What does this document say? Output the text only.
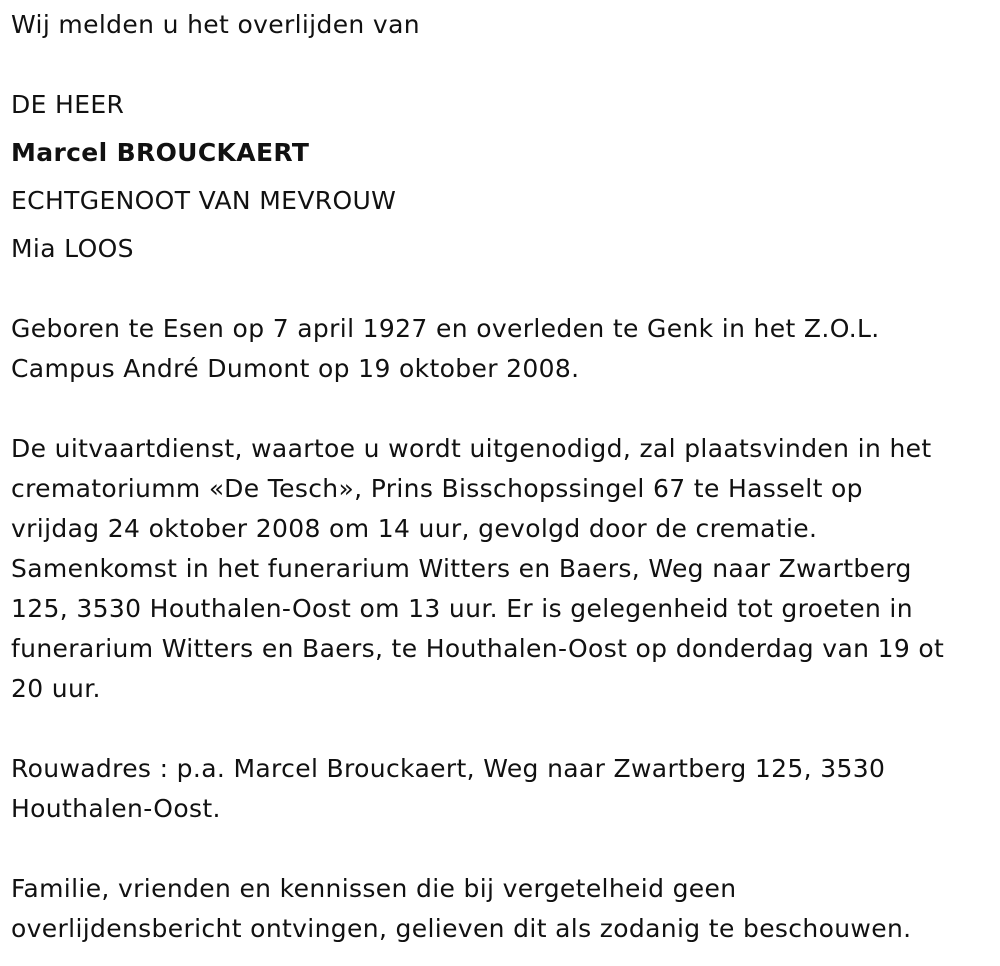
Wij melden u het overlijden van
DE HEER
Marcel BROUCKAERT
ECHTGENOOT VAN MEVROUW
Mia LOOS
Geboren te Esen op 7 april 1927 en overleden te Genk in het Z.O.L.
Campus André Dumont op 19 oktober 2008.
De uitvaartdienst, waartoe u wordt uitgenodigd, zal plaatsvinden in het
crematoriumm «De Tesch», Prins Bisschopssingel 67 te Hasselt op
vrijdag 24 oktober 2008 om 14 uur, gevolgd door de crematie.
Samenkomst in het funerarium Witters en Baers, Weg naar Zwartberg
125, 3530 Houthalen-Oost om 13 uur. Er is gelegenheid tot groeten in
funerarium Witters en Baers, te Houthalen-Oost op donderdag van 19 ot
20 uur.
Rouwadres : p.a. Marcel Brouckaert, Weg naar Zwartberg 125, 3530
Houthalen-Oost.
Familie, vrienden en kennissen die bij vergetelheid geen
overlijdensbericht ontvingen, gelieven dit als zodanig te beschouwen.
